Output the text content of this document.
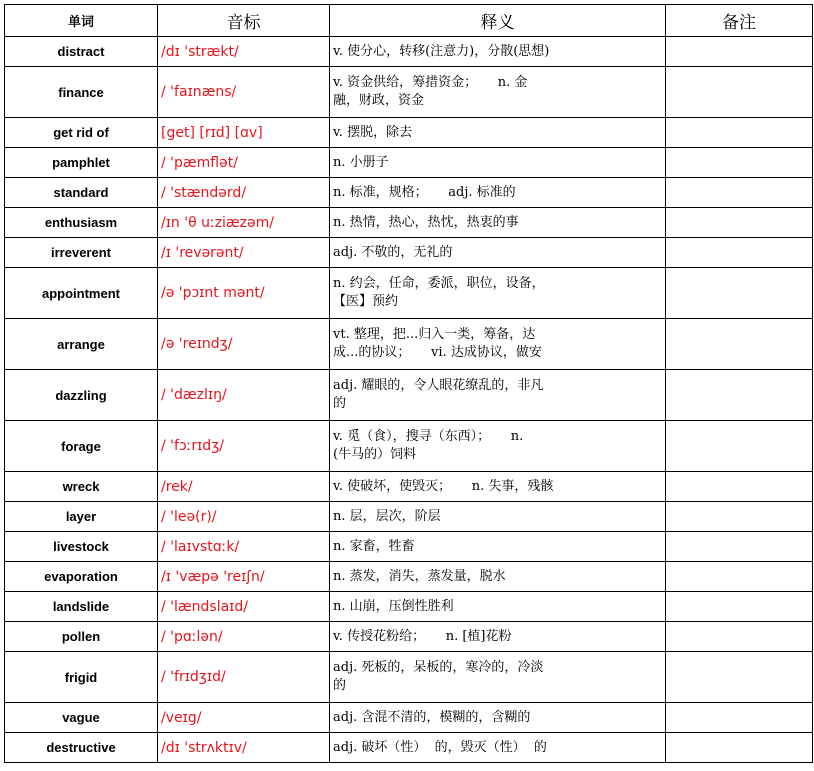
单词	音标	释义	备注
distract	/dɪ 'strækt/	v. 使分心，转移(注意力)，分散(思想)	
finance	/ 'faɪnæns/	v. 资金供给，筹措资金；     n. 金
融，财政，资金	
get rid of	[get] [rɪd] [ɑv]	v. 摆脱，除去	
pamphlet	/ 'pæmflət/	n. 小册子	
standard	/ 'stændərd/	n. 标准，规格；     adj. 标准的	
enthusiasm	/ɪn 'θ uːziæzəm/	n. 热情，热心，热忱，热衷的事	
irreverent	/ɪ 'revərənt/	adj. 不敬的，无礼的	
appointment	/ə 'pɔɪnt mənt/	n. 约会，任命，委派，职位，设备，
【医】预约	
arrange	/ə 'reɪndʒ/	vt. 整理，把...归入一类，筹备，达
成...的协议；     vi. 达成协议，做安	
dazzling	/ 'dæzlɪŋ/	adj. 耀眼的，令人眼花缭乱的，非凡
的	
forage	/ 'fɔːrɪdʒ/	v. 觅（食），搜寻（东西）；     n.
(牛马的）饲料	
wreck	/rek/	v. 使破坏，使毁灭；     n. 失事，残骸	
layer	/ 'leə(r)/	n. 层，层次，阶层	
livestock	/ 'laɪvstɑːk/	n. 家畜，牲畜	
evaporation	/ɪ 'væpə 'reɪʃn/	n. 蒸发，消失，蒸发量，脱水	
landslide	/ 'lændslaɪd/	n. 山崩，压倒性胜利	
pollen	/ 'pɑːlən/	v. 传授花粉给；     n. [植]花粉	
frigid	/ 'frɪdʒɪd/	adj. 死板的，呆板的，寒冷的，冷淡
的	
vague	/veɪg/	adj. 含混不清的，模糊的，含糊的	
destructive	/dɪ 'strʌktɪv/	adj. 破坏（性）  的，毁灭（性）  的	
